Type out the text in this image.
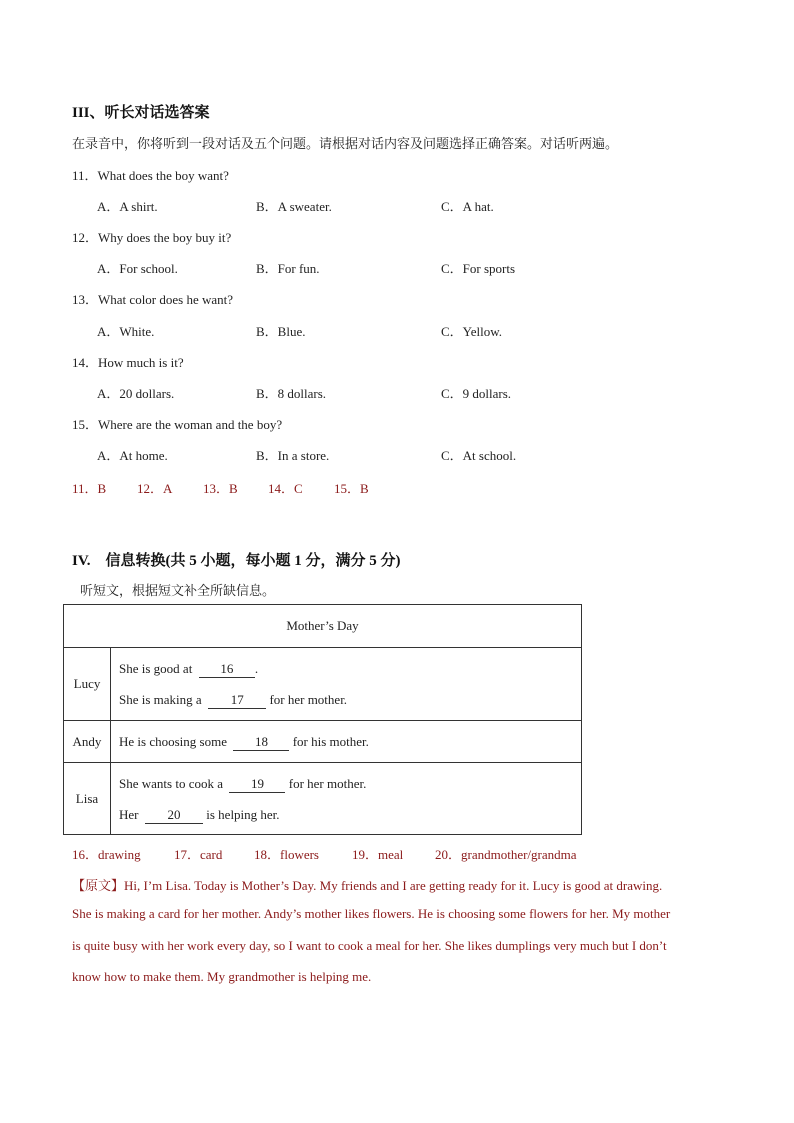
III、听长对话选答案
在录音中，你将听到一段对话及五个问题。请根据对话内容及问题选择正确答案。对话听两遍。
11．What does the boy want?
A．A shirt.	B．A sweater.	C．A hat.
12．Why does the boy buy it?
A．For school.	B．For fun.	C．For sports
13．What color does he want?
A．White.	B．Blue.	C．Yellow.
14．How much is it?
A．20 dollars.	B．8 dollars.	C．9 dollars.
15．Where are the woman and the boy?
A．At home.	B．In a store.	C．At school.
11．B 12．A 13．B 14．C 15．B
IV.    信息转换(共 5 小题，每小题 1 分，满分 5 分)
听短文，根据短文补全所缺信息。
Mother’s Day	
Lucy	She is good at  16 .
She is making a  17 for her mother.

Andy	He is choosing some  18 for his mother.

Lisa	She wants to cook a  19 for her mother.
Her  20 is helping her.
16．drawing	17．card 18．flowers	19．meal 20．grandmother/grandma
【原文】Hi, I’m Lisa. Today is Mother’s Day. My friends and I are getting ready for it. Lucy is good at drawing.
She is making a card for her mother. Andy’s mother likes flowers. He is choosing some flowers for her. My mother
is quite busy with her work every day, so I want to cook a meal for her. She likes dumplings very much but I don’t
know how to make them. My grandmother is helping me.
